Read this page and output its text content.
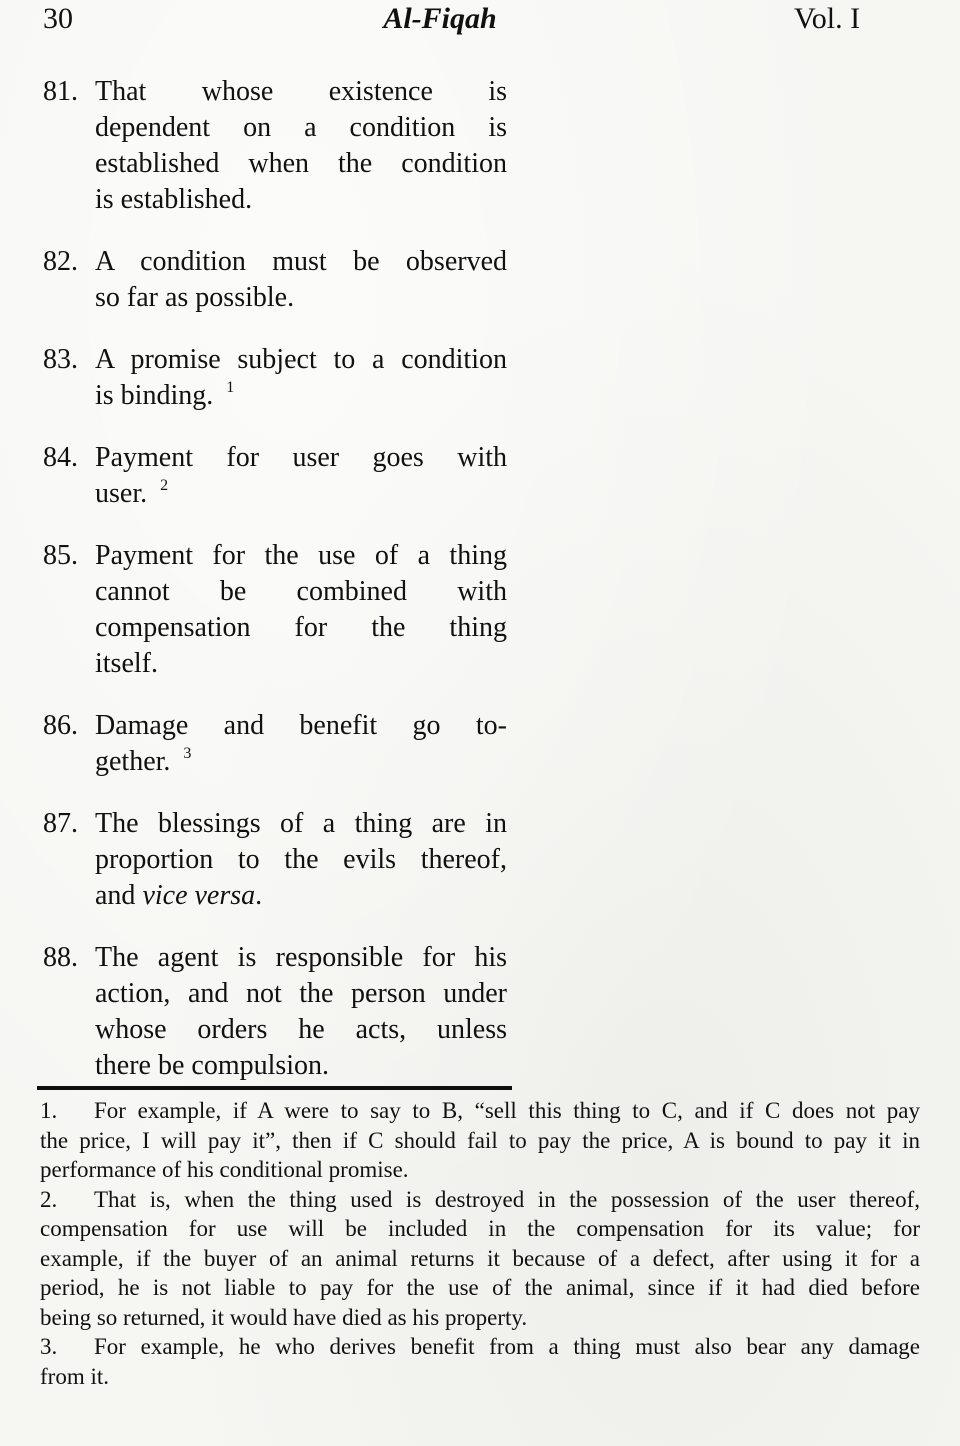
30	Al-Fiqah	Vol. I
81. That whose existence is
dependent on a condition is
established when the condition
is established.
82. A condition must be observed
so far as possible.
83. A promise subject to a condition
is binding. $^1$
84. Payment for user goes with
user. $^2$
85. Payment for the use of a thing
cannot be combined with
compensation for the thing
itself.
86. Damage and benefit go to-
gether. $^3$
87. The blessings of a thing are in
proportion to the evils thereof,
and vice versa.
88. The agent is responsible for his
action, and not the person under
whose orders he acts, unless
there be compulsion.
1. For example, if A were to say to B, “sell this thing to C, and if C does not pay
the price, I will pay it”, then if C should fail to pay the price, A is bound to pay it in
performance of his conditional promise.
2. That is, when the thing used is destroyed in the possession of the user thereof,
compensation for use will be included in the compensation for its value; for
example, if the buyer of an animal returns it because of a defect, after using it for a
period, he is not liable to pay for the use of the animal, since if it had died before
being so returned, it would have died as his property.
3. For example, he who derives benefit from a thing must also bear any damage
from it.
